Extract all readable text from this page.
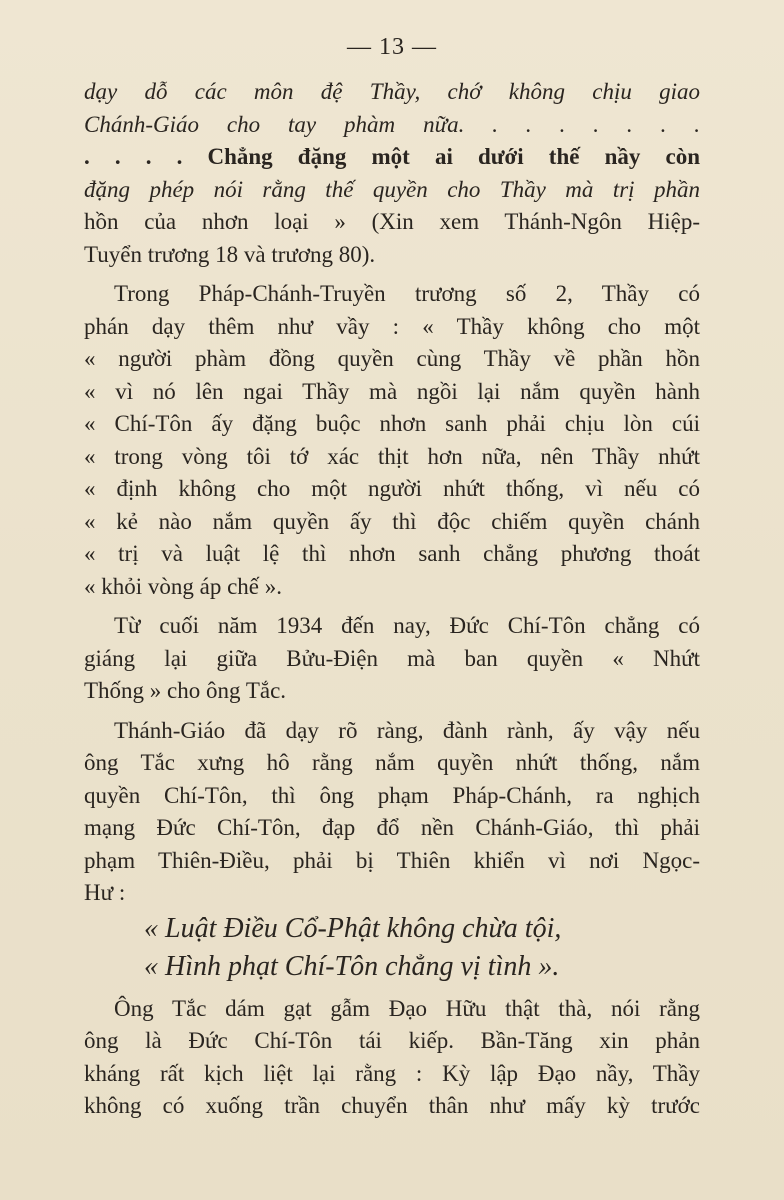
— 13 —
dạy dỗ các môn đệ Thầy, chớ không chịu giao
Chánh-Giáo cho tay phàm nữa. . . . . . . .
. . . . Chẳng đặng một ai dưới thế nầy còn
đặng phép nói rằng thế quyền cho Thầy mà trị phần
hồn của nhơn loại » (Xin xem Thánh-Ngôn Hiệp-
Tuyển trương 18 và trương 80).
Trong Pháp-Chánh-Truyền trương số 2, Thầy có
phán dạy thêm như vầy : « Thầy không cho một
« người phàm đồng quyền cùng Thầy về phần hồn
« vì nó lên ngai Thầy mà ngồi lại nắm quyền hành
« Chí-Tôn ấy đặng buộc nhơn sanh phải chịu lòn cúi
« trong vòng tôi tớ xác thịt hơn nữa, nên Thầy nhứt
« định không cho một người nhứt thống, vì nếu có
« kẻ nào nắm quyền ấy thì độc chiếm quyền chánh
« trị và luật lệ thì nhơn sanh chẳng phương thoát
« khỏi vòng áp chế ».
Từ cuối năm 1934 đến nay, Đức Chí-Tôn chẳng có
giáng lại giữa Bửu-Điện mà ban quyền « Nhứt
Thống » cho ông Tắc.
Thánh-Giáo đã dạy rõ ràng, đành rành, ấy vậy nếu
ông Tắc xưng hô rằng nắm quyền nhứt thống, nắm
quyền Chí-Tôn, thì ông phạm Pháp-Chánh, ra nghịch
mạng Đức Chí-Tôn, đạp đổ nền Chánh-Giáo, thì phải
phạm Thiên-Điều, phải bị Thiên khiển vì nơi Ngọc-
Hư :
« Luật Điều Cổ-Phật không chừa tội,
« Hình phạt Chí-Tôn chẳng vị tình ».
Ông Tắc dám gạt gẫm Đạo Hữu thật thà, nói rằng
ông là Đức Chí-Tôn tái kiếp. Bần-Tăng xin phản
kháng rất kịch liệt lại rằng : Kỳ lập Đạo nầy, Thầy
không có xuống trần chuyển thân như mấy kỳ trước
